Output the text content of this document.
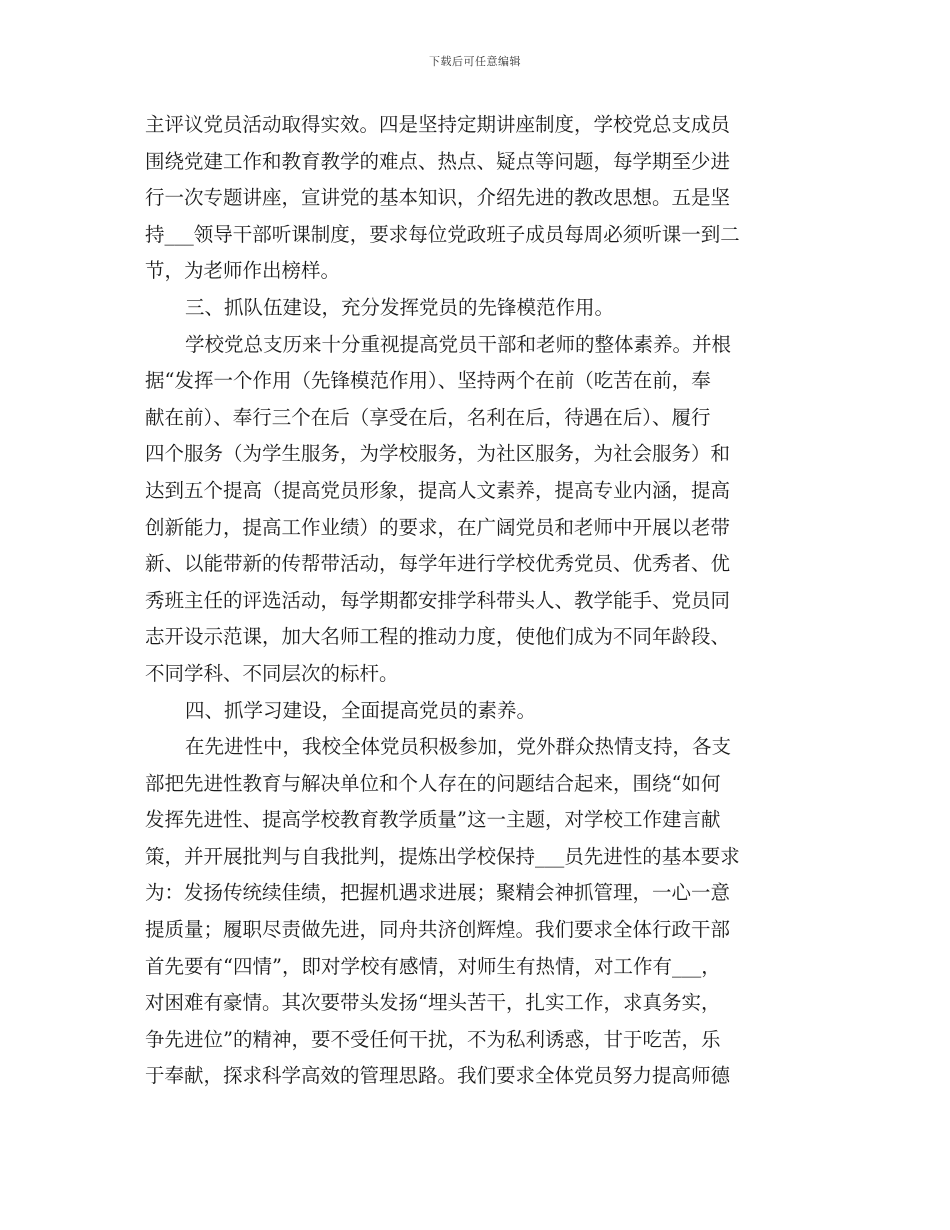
下载后可任意编辑
主评议党员活动取得实效。四是坚持定期讲座制度，学校党总支成员
围绕党建工作和教育教学的难点、热点、疑点等问题，每学期至少进
行一次专题讲座，宣讲党的基本知识，介绍先进的教改思想。五是坚
持___领导干部听课制度，要求每位党政班子成员每周必须听课一到二
节，为老师作出榜样。
三、抓队伍建设，充分发挥党员的先锋模范作用。
学校党总支历来十分重视提高党员干部和老师的整体素养。并根
据“发挥一个作用（先锋模范作用）、坚持两个在前（吃苦在前，奉
献在前）、奉行三个在后（享受在后，名利在后，待遇在后）、履行
四个服务（为学生服务，为学校服务，为社区服务，为社会服务）和
达到五个提高（提高党员形象，提高人文素养，提高专业内涵，提高
创新能力，提高工作业绩）的要求，在广阔党员和老师中开展以老带
新、以能带新的传帮带活动，每学年进行学校优秀党员、优秀者、优
秀班主任的评选活动，每学期都安排学科带头人、教学能手、党员同
志开设示范课，加大名师工程的推动力度，使他们成为不同年龄段、
不同学科、不同层次的标杆。
四、抓学习建设，全面提高党员的素养。
在先进性中，我校全体党员积极参加，党外群众热情支持，各支
部把先进性教育与解决单位和个人存在的问题结合起来，围绕“如何
发挥先进性、提高学校教育教学质量”这一主题，对学校工作建言献
策，并开展批判与自我批判，提炼出学校保持___员先进性的基本要求
为：发扬传统续佳绩，把握机遇求进展；聚精会神抓管理，一心一意
提质量；履职尽责做先进，同舟共济创辉煌。我们要求全体行政干部
首先要有“四情”，即对学校有感情，对师生有热情，对工作有___，
对困难有豪情。其次要带头发扬“埋头苦干，扎实工作，求真务实，
争先进位”的精神，要不受任何干扰，不为私利诱惑，甘于吃苦，乐
于奉献，探求科学高效的管理思路。我们要求全体党员努力提高师德
